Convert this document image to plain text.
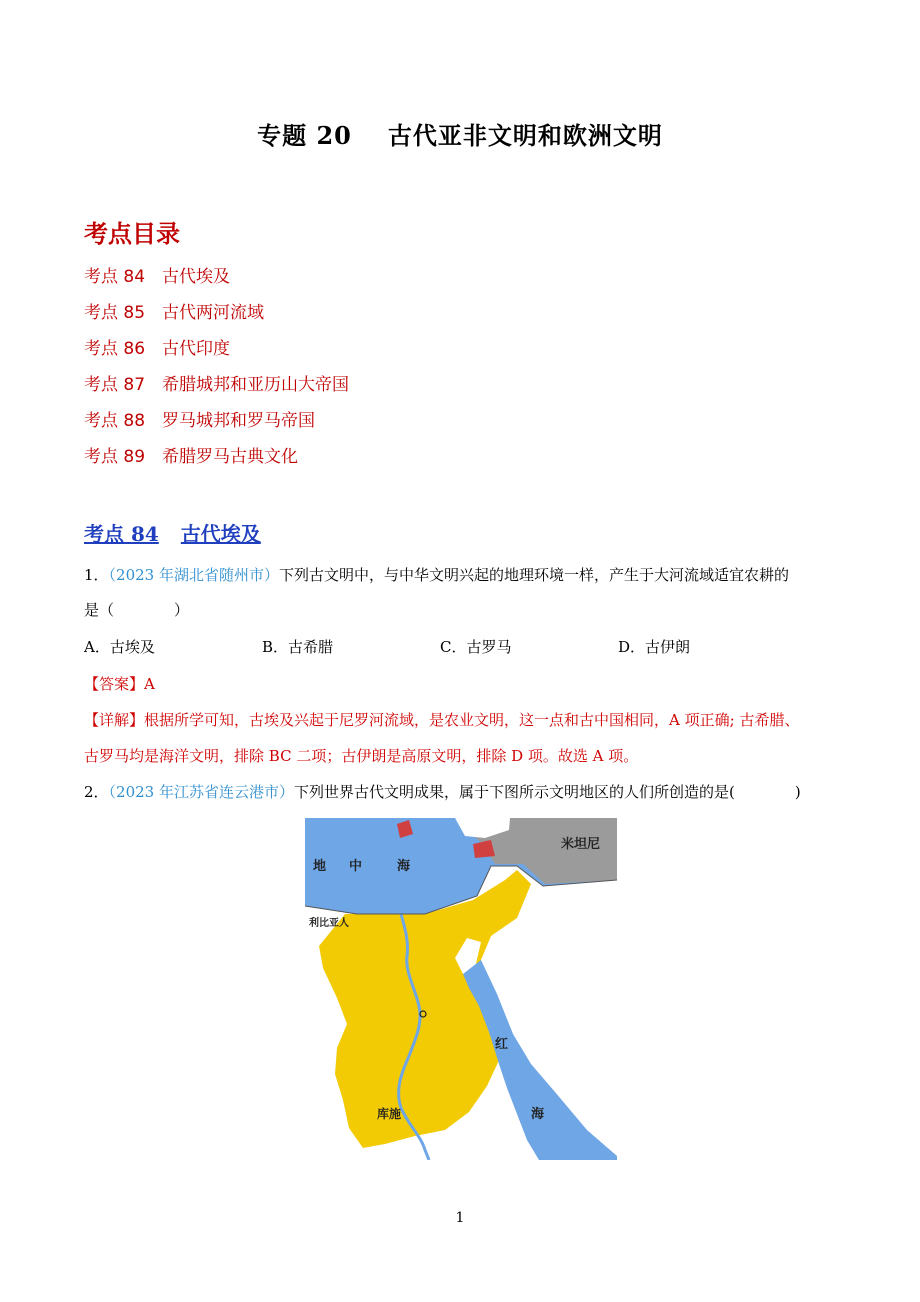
专题 20 古代亚非文明和欧洲文明
考点目录
考点 84 古代埃及
考点 85 古代两河流域
考点 86 古代印度
考点 87 希腊城邦和亚历山大帝国
考点 88 罗马城邦和罗马帝国
考点 89 希腊罗马古典文化
考点 84 古代埃及
1．（2023 年湖北省随州市）下列古文明中，与中华文明兴起的地理环境一样，产生于大河流域适宜农耕的
是（　　　　）
A．古埃及	B．古希腊	C．古罗马	D．古伊朗
【答案】A
【详解】根据所学可知，古埃及兴起于尼罗河流域，是农业文明，这一点和古中国相同，A 项正确; 古希腊、
古罗马均是海洋文明，排除 BC 二项；古伊朗是高原文明，排除 D 项。故选 A 项。
2．（2023 年江苏省连云港市）下列世界古代文明成果，属于下图所示文明地区的人们所创造的是(　　　　)
地 中	海
红
海
利比亚人
库施
米坦尼
1
